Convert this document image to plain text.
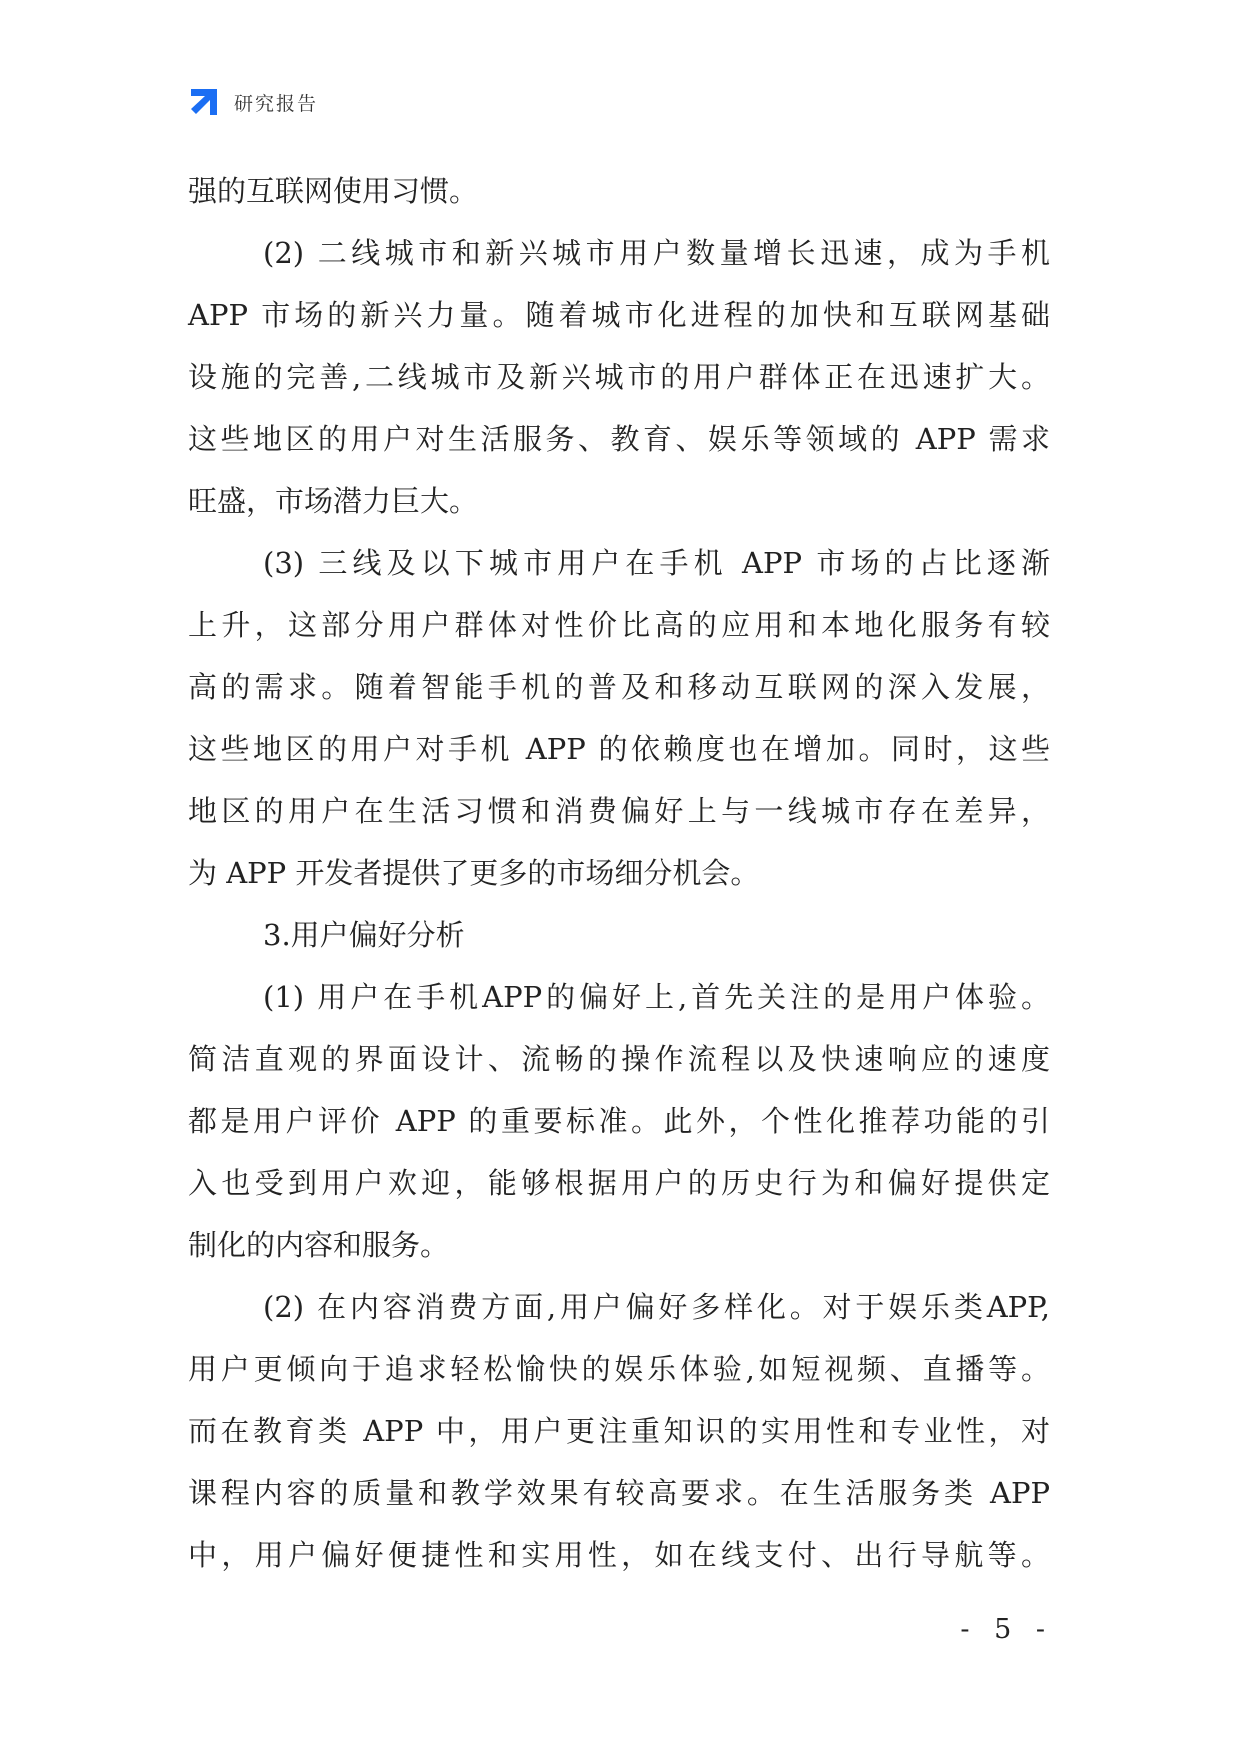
研究报告
强的互联网使用习惯。
(2) 二线城市和新兴城市用户数量增长迅速，成为手机
APP 市场的新兴力量。随着城市化进程的加快和互联网基础
设施的完善,二线城市及新兴城市的用户群体正在迅速扩大。
这些地区的用户对生活服务、教育、娱乐等领域的 APP 需求
旺盛，市场潜力巨大。
(3) 三线及以下城市用户在手机 APP 市场的占比逐渐
上升，这部分用户群体对性价比高的应用和本地化服务有较
高的需求。随着智能手机的普及和移动互联网的深入发展，
这些地区的用户对手机 APP 的依赖度也在增加。同时，这些
地区的用户在生活习惯和消费偏好上与一线城市存在差异，
为 APP 开发者提供了更多的市场细分机会。
3.用户偏好分析
(1) 用户在手机APP的偏好上,首先关注的是用户体验。
简洁直观的界面设计、流畅的操作流程以及快速响应的速度
都是用户评价 APP 的重要标准。此外，个性化推荐功能的引
入也受到用户欢迎，能够根据用户的历史行为和偏好提供定
制化的内容和服务。
(2) 在内容消费方面,用户偏好多样化。对于娱乐类APP,
用户更倾向于追求轻松愉快的娱乐体验,如短视频、直播等。
而在教育类 APP 中，用户更注重知识的实用性和专业性，对
课程内容的质量和教学效果有较高要求。在生活服务类 APP
中，用户偏好便捷性和实用性，如在线支付、出行导航等。
- 5 -
